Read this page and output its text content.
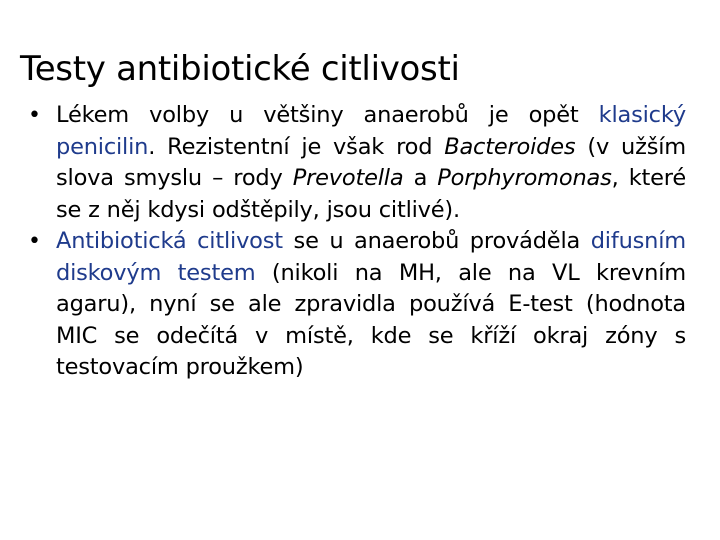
Testy antibiotické citlivosti
• Lékem volby u většiny anaerobů je opět klasický penicilin. Rezistentní je však rod Bacteroides (v užším slova smyslu – rody Prevotella a Porphyromonas, které se z něj kdysi odštěpily, jsou citlivé).
• Antibiotická citlivost se u anaerobů prováděla difusním diskovým testem (nikoli na MH, ale na VL krevním agaru), nyní se ale zpravidla používá E-test (hodnota MIC se odečítá v místě, kde se kříží okraj zóny s testovacím proužkem)
